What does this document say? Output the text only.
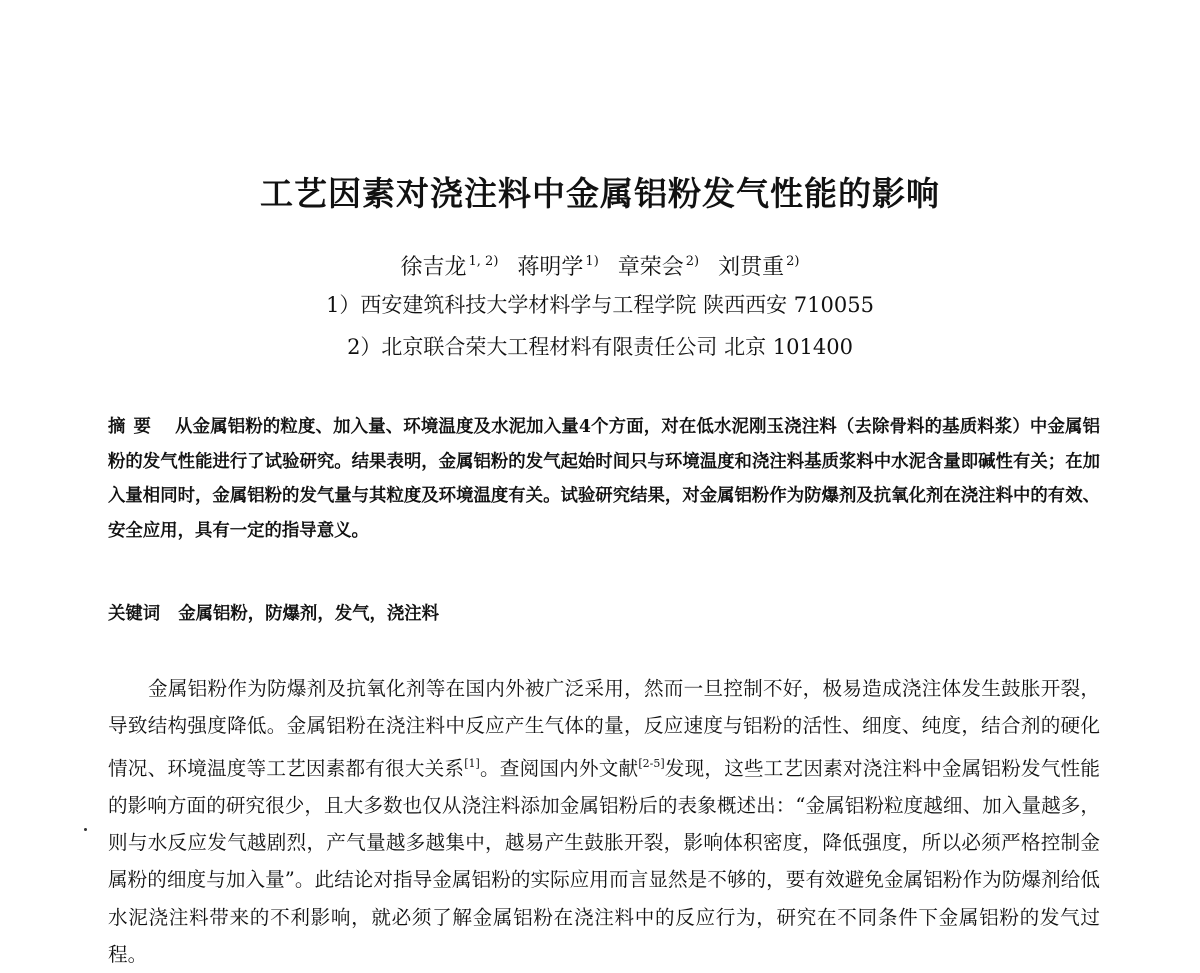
工艺因素对浇注料中金属铝粉发气性能的影响
徐吉龙 $^{1, 2)}$ 蒋明学 $^{1)}$ 章荣会 $^{2)}$ 刘贯重 $^{2)}$
1）西安建筑科技大学材料学与工程学院 陕西西安 710055
2）北京联合荣大工程材料有限责任公司 北京 101400
摘要 从金属铝粉的粒度、加入量、环境温度及水泥加入量4个方面，对在低水泥刚玉浇注料（去除骨料的基质料浆）中金属铝粉的发气性能进行了试验研究。结果表明，金属铝粉的发气起始时间只与环境温度和浇注料基质浆料中水泥含量即碱性有关；在加入量相同时，金属铝粉的发气量与其粒度及环境温度有关。试验研究结果，对金属铝粉作为防爆剂及抗氧化剂在浇注料中的有效、安全应用，具有一定的指导意义。
关键词 金属铝粉，防爆剂，发气，浇注料

金属铝粉作为防爆剂及抗氧化剂等在国内外被广泛采用，然而一旦控制不好，极易造成浇注体发生鼓胀开裂，导致结构强度降低。金属铝粉在浇注料中反应产生气体的量，反应速度与铝粉的活性、细度、纯度，结合剂的硬化情况、环境温度等工艺因素都有很大关系[1]。查阅国内外文献[2-5]发现，这些工艺因素对浇注料中金属铝粉发气性能的影响方面的研究很少，且大多数也仅从浇注料添加金属铝粉后的表象概述出：“金属铝粉粒度越细、加入量越多，则与水反应发气越剧烈，产气量越多越集中，越易产生鼓胀开裂，影响体积密度，降低强度，所以必须严格控制金属粉的细度与加入量”。此结论对指导金属铝粉的实际应用而言显然是不够的，要有效避免金属铝粉作为防爆剂给低水泥浇注料带来的不利影响，就必须了解金属铝粉在浇注料中的反应行为，研究在不同条件下金属铝粉的发气过程。
